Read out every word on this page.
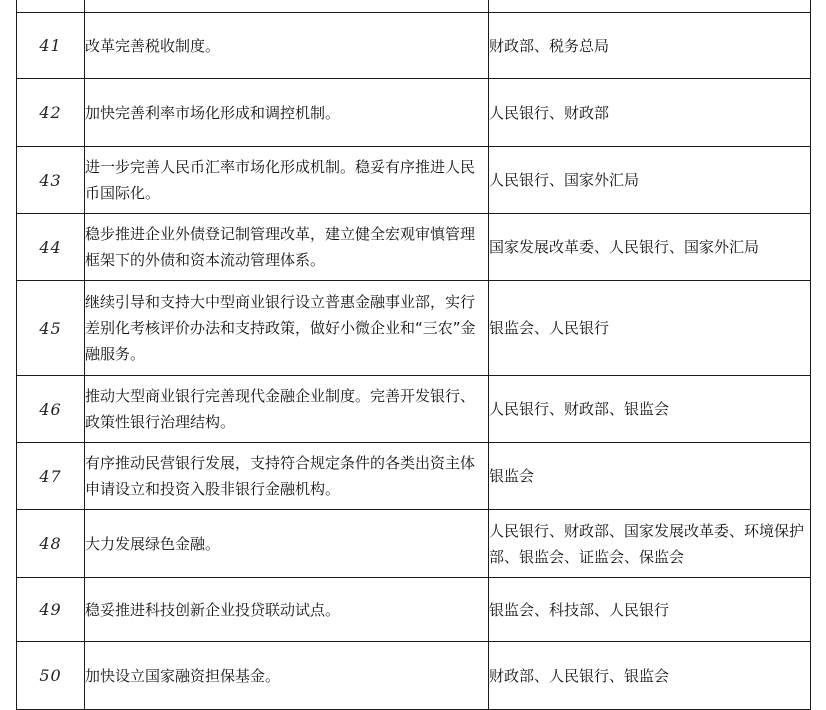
41	改革完善税收制度。	财政部、税务总局
42	加快完善利率市场化形成和调控机制。	人民银行、财政部
43	进一步完善人民币汇率市场化形成机制。稳妥有序推进人民币国际化。	人民银行、国家外汇局
44	稳步推进企业外债登记制管理改革，建立健全宏观审慎管理框架下的外债和资本流动管理体系。	国家发展改革委、人民银行、国家外汇局
45	继续引导和支持大中型商业银行设立普惠金融事业部，实行差别化考核评价办法和支持政策，做好小微企业和“三农”金融服务。	银监会、人民银行
46	推动大型商业银行完善现代金融企业制度。完善开发银行、政策性银行治理结构。	人民银行、财政部、银监会
47	有序推动民营银行发展，支持符合规定条件的各类出资主体申请设立和投资入股非银行金融机构。	银监会
48	大力发展绿色金融。	人民银行、财政部、国家发展改革委、环境保护部、银监会、证监会、保监会
49	稳妥推进科技创新企业投贷联动试点。	银监会、科技部、人民银行
50	加快设立国家融资担保基金。	财政部、人民银行、银监会
